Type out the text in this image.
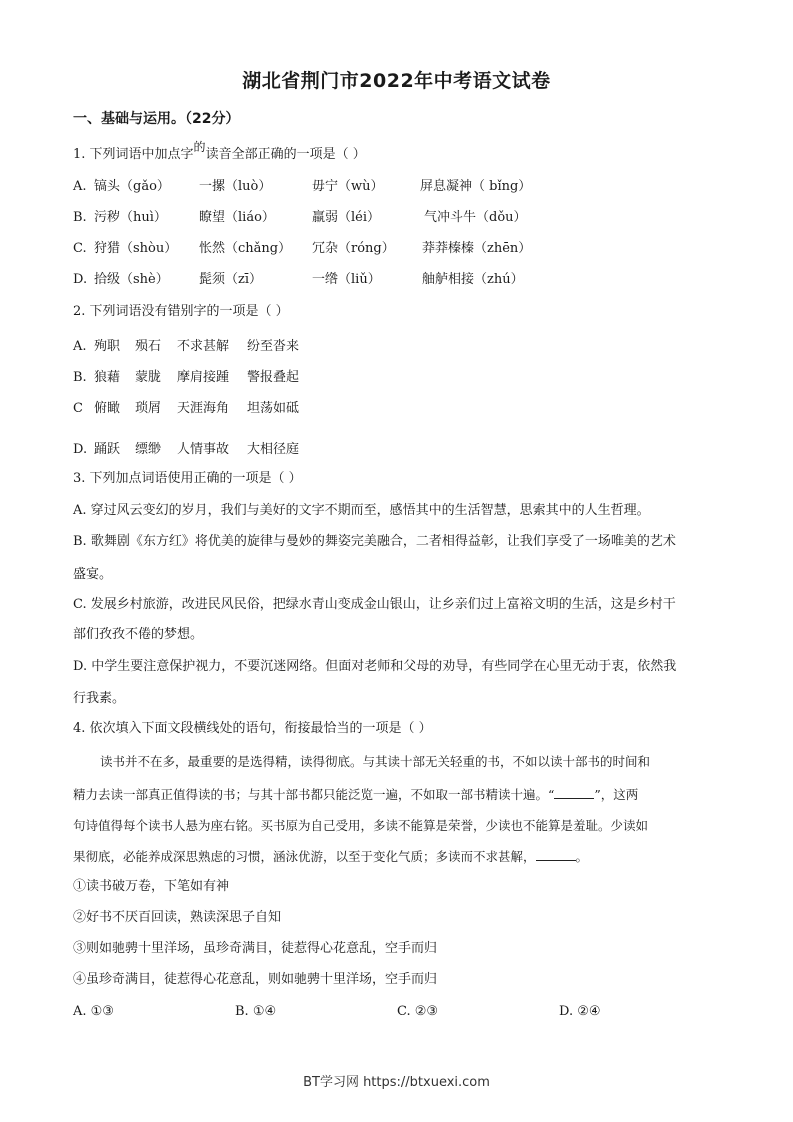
湖北省荆门市2022年中考语文试卷
一、基础与运用。（22分）
1. 下列词语中加点字的读音全部正确的一项是（ ）
A. 镐头（gǎo） 一摞（luò）	毋宁（wù）	屏息凝神（ bǐng）
B. 污秽（huì） 瞭望（liáo）	羸弱（léi）	气冲斗牛（dǒu）
C. 狩猎（shòu） 怅然（chǎng） 冗杂（róng） 莽莽榛榛（zhēn）
D. 拾级（shè） 髭须（zī）	一绺（liǔ）	舳舻相接（zhú）
2. 下列词语没有错别字的一项是（ ）
A. 殉职 殒石 不求甚解 纷至沓来
B. 狼藉 蒙胧 摩肩接踵 警报叠起
C 俯瞰 琐屑 天涯海角 坦荡如砥
D. 踊跃 缥缈 人情事故 大相径庭
3. 下列加点词语使用正确的一项是（ ）
A. 穿过风云变幻的岁月，我们与美好的文字不期而至，感悟其中的生活智慧，思索其中的人生哲理。
B. 歌舞剧《东方红》将优美的旋律与曼妙的舞姿完美融合，二者相得益彰，让我们享受了一场唯美的艺术
盛宴。
C. 发展乡村旅游，改进民风民俗，把绿水青山变成金山银山，让乡亲们过上富裕文明的生活，这是乡村干
部们孜孜不倦的梦想。
D. 中学生要注意保护视力，不要沉迷网络。但面对老师和父母的劝导，有些同学在心里无动于衷，依然我
行我素。
4. 依次填入下面文段横线处的语句，衔接最恰当的一项是（ ）
读书并不在多，最重要的是选得精，读得彻底。与其读十部无关轻重的书，不如以读十部书的时间和
精力去读一部真正值得读的书；与其十部书都只能泛览一遍，不如取一部书精读十遍。“	”，这两
句诗值得每个读书人悬为座右铭。买书原为自己受用，多读不能算是荣誉，少读也不能算是羞耻。少读如
果彻底，必能养成深思熟虑的习惯，涵泳优游，以至于变化气质；多读而不求甚解，	。
①读书破万卷，下笔如有神
②好书不厌百回读，熟读深思子自知
③则如驰骋十里洋场，虽珍奇满目，徒惹得心花意乱，空手而归
④虽珍奇满目，徒惹得心花意乱，则如驰骋十里洋场，空手而归
A. ①③	B. ①④	C. ②③	D. ②④
BT学习网 https://btxuexi.com
